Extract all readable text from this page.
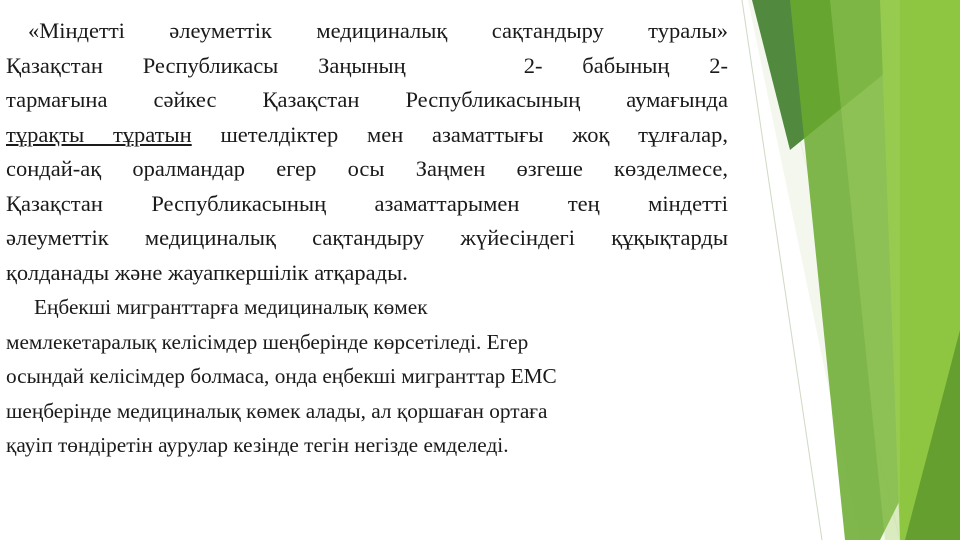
«Міндетті әлеуметтік медициналық сақтандыру туралы»
Қазақстан Республикасы Заңының	2- бабының 2-
тармағына сәйкес Қазақстан Республикасының аумағында
тұрақты тұратын шетелдіктер мен азаматтығы жоқ тұлғалар,
сондай-ақ оралмандар егер осы Заңмен өзгеше көзделмесе,
Қазақстан Республикасының азаматтарымен тең міндетті
әлеуметтік медициналық сақтандыру жүйесіндегі құқықтарды
қолданады және жауапкершілік атқарады.

Еңбекші мигранттарға медициналық көмек
мемлекетаралық келісімдер шеңберінде көрсетіледі. Егер
осындай келісімдер болмаса, онда еңбекші мигранттар ЕМС
шеңберінде медициналық көмек алады, ал қоршаған ортаға
қауіп төндіретін аурулар кезінде тегін негізде емделеді.
